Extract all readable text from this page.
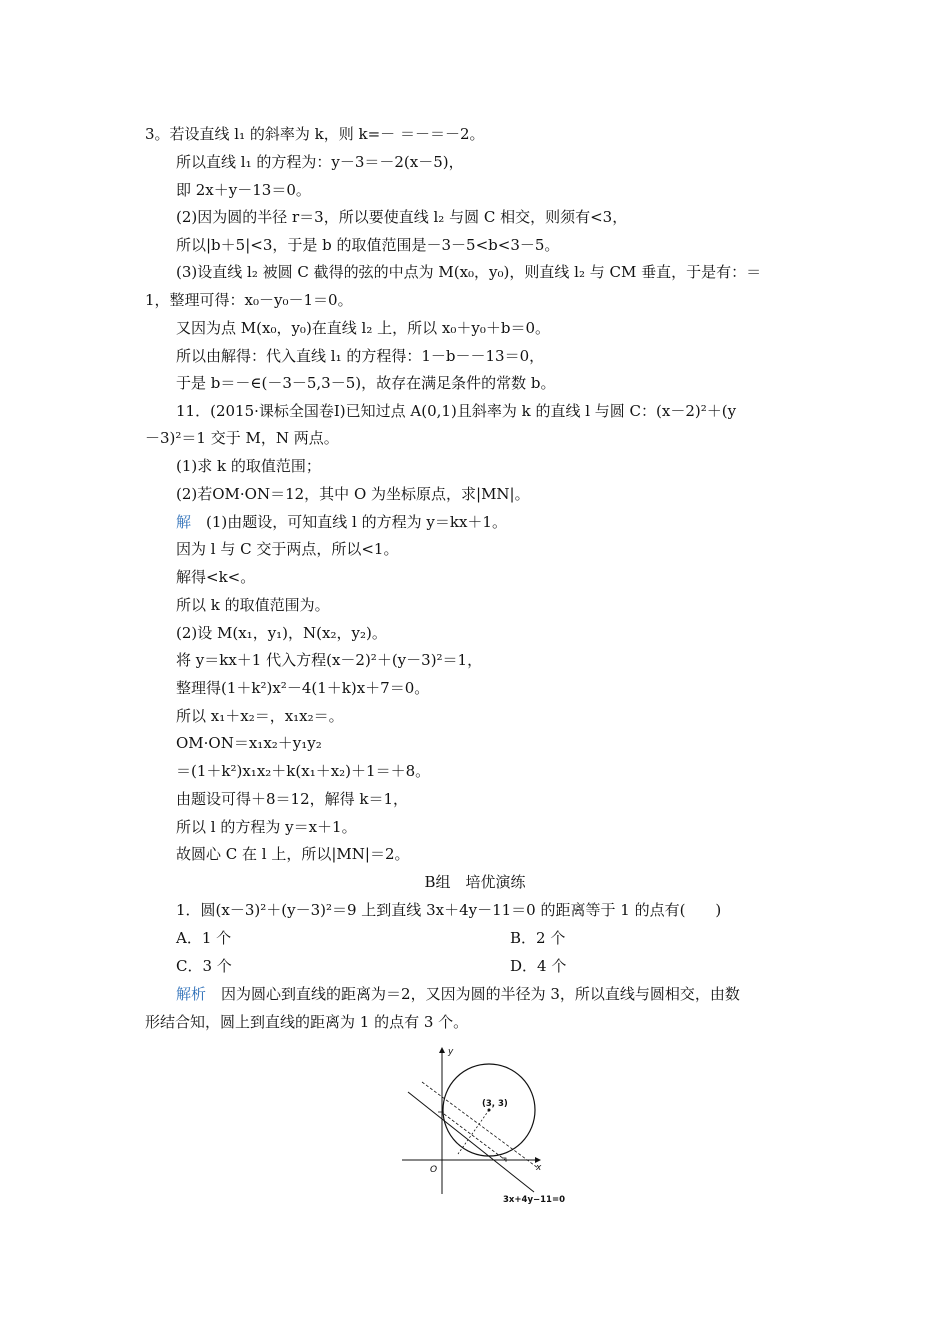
3。若设直线 l₁ 的斜率为 k，则 k=－ ＝－＝－2。
所以直线 l₁ 的方程为：y－3＝－2(x－5)，
即 2x＋y－13＝0。
(2)因为圆的半径 r＝3，所以要使直线 l₂ 与圆 C 相交，则须有<3，
所以|b＋5|<3，于是 b 的取值范围是－3－5<b<3－5。
(3)设直线 l₂ 被圆 C 截得的弦的中点为 M(x₀，y₀)，则直线 l₂ 与 CM 垂直，于是有：＝
1，整理可得：x₀－y₀－1＝0。
又因为点 M(x₀，y₀)在直线 l₂ 上，所以 x₀＋y₀＋b＝0。
所以由解得：代入直线 l₁ 的方程得：1－b－－13＝0，
于是 b＝－∈(－3－5,3－5)，故存在满足条件的常数 b。
11．(2015·课标全国卷Ⅰ)已知过点 A(0,1)且斜率为 k 的直线 l 与圆 C：(x－2)²＋(y
－3)²＝1 交于 M，N 两点。
(1)求 k 的取值范围；
(2)若OM·ON＝12，其中 O 为坐标原点，求|MN|。
解　 (1)由题设，可知直线 l 的方程为 y＝kx＋1。
因为 l 与 C 交于两点，所以<1。
解得<k<。
所以 k 的取值范围为。
(2)设 M(x₁，y₁)，N(x₂，y₂)。
将 y＝kx＋1 代入方程(x－2)²＋(y－3)²＝1，
整理得(1＋k²)x²－4(1＋k)x＋7＝0。
所以 x₁＋x₂＝，x₁x₂＝。
OM·ON＝x₁x₂＋y₁y₂
＝(1＋k²)x₁x₂＋k(x₁＋x₂)＋1＝＋8。
由题设可得＋8＝12，解得 k＝1，
所以 l 的方程为 y＝x＋1。
故圆心 C 在 l 上，所以|MN|＝2。
B组　培优演练
1．圆(x－3)²＋(y－3)²＝9 上到直线 3x＋4y－11＝0 的距离等于 1 的点有(　　)
A．1 个	B．2 个
C．3 个	D．4 个
解析　 因为圆心到直线的距离为＝2，又因为圆的半径为 3，所以直线与圆相交，由数
形结合知，圆上到直线的距离为 1 的点有 3 个。
y
x
O
(3, 3)
3x+4y−11=0
